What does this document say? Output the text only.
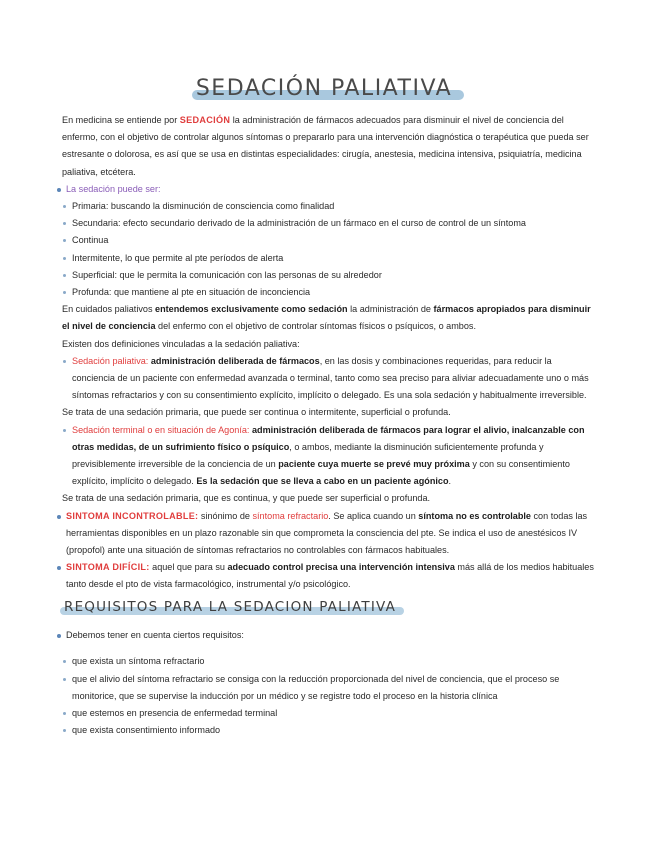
SEDACIÓN PALIATIVA

En medicina se entiende por SEDACIÓN la administración de fármacos adecuados para disminuir el nivel de conciencia del enfermo, con el objetivo de controlar algunos síntomas o prepararlo para una intervención diagnóstica o terapéutica que pueda ser estresante o dolorosa, es así que se usa en distintas especialidades: cirugía, anestesia, medicina intensiva, psiquiatría, medicina paliativa, etcétera.

La sedación puede ser:

Primaria: buscando la disminución de consciencia como finalidad
Secundaria: efecto secundario derivado de la administración de un fármaco en el curso de control de un síntoma
Continua
Intermitente, lo que permite al pte períodos de alerta
Superficial: que le permita la comunicación con las personas de su alrededor
Profunda: que mantiene al pte en situación de inconciencia

En cuidados paliativos entendemos exclusivamente como sedación la administración de fármacos apropiados para disminuir el nivel de conciencia del enfermo con el objetivo de controlar síntomas físicos o psíquicos, o ambos.

Existen dos definiciones vinculadas a la sedación paliativa:

Sedación paliativa: administración deliberada de fármacos, en las dosis y combinaciones requeridas, para reducir la conciencia de un paciente con enfermedad avanzada o terminal, tanto como sea preciso para aliviar adecuadamente uno o más síntomas refractarios y con su consentimiento explícito, implícito o delegado. Es una sola sedación y habitualmente irreversible.

Se trata de una sedación primaria, que puede ser continua o intermitente, superficial o profunda.

Sedación terminal o en situación de Agonía: administración deliberada de fármacos para lograr el alivio, inalcanzable con otras medidas, de un sufrimiento físico o psíquico, o ambos, mediante la disminución suficientemente profunda y previsiblemente irreversible de la conciencia de un paciente cuya muerte se prevé muy próxima y con su consentimiento explícito, implícito o delegado. Es la sedación que se lleva a cabo en un paciente agónico.

Se trata de una sedación primaria, que es continua, y que puede ser superficial o profunda.

SINTOMA INCONTROLABLE: sinónimo de síntoma refractario. Se aplica cuando un síntoma no es controlable con todas las herramientas disponibles en un plazo razonable sin que comprometa la consciencia del pte. Se indica el uso de anestésicos IV (propofol) ante una situación de síntomas refractarios no controlables con fármacos habituales.

SINTOMA DIFÍCIL: aquel que para su adecuado control precisa una intervención intensiva más allá de los medios habituales tanto desde el pto de vista farmacológico, instrumental y/o psicológico.

REQUISITOS PARA LA SEDACION PALIATIVA

Debemos tener en cuenta ciertos requisitos:

que exista un síntoma refractario
que el alivio del síntoma refractario se consiga con la reducción proporcionada del nivel de conciencia, que el proceso se monitorice, que se supervise la inducción por un médico y se registre todo el proceso en la historia clínica
que estemos en presencia de enfermedad terminal
que exista consentimiento informado
